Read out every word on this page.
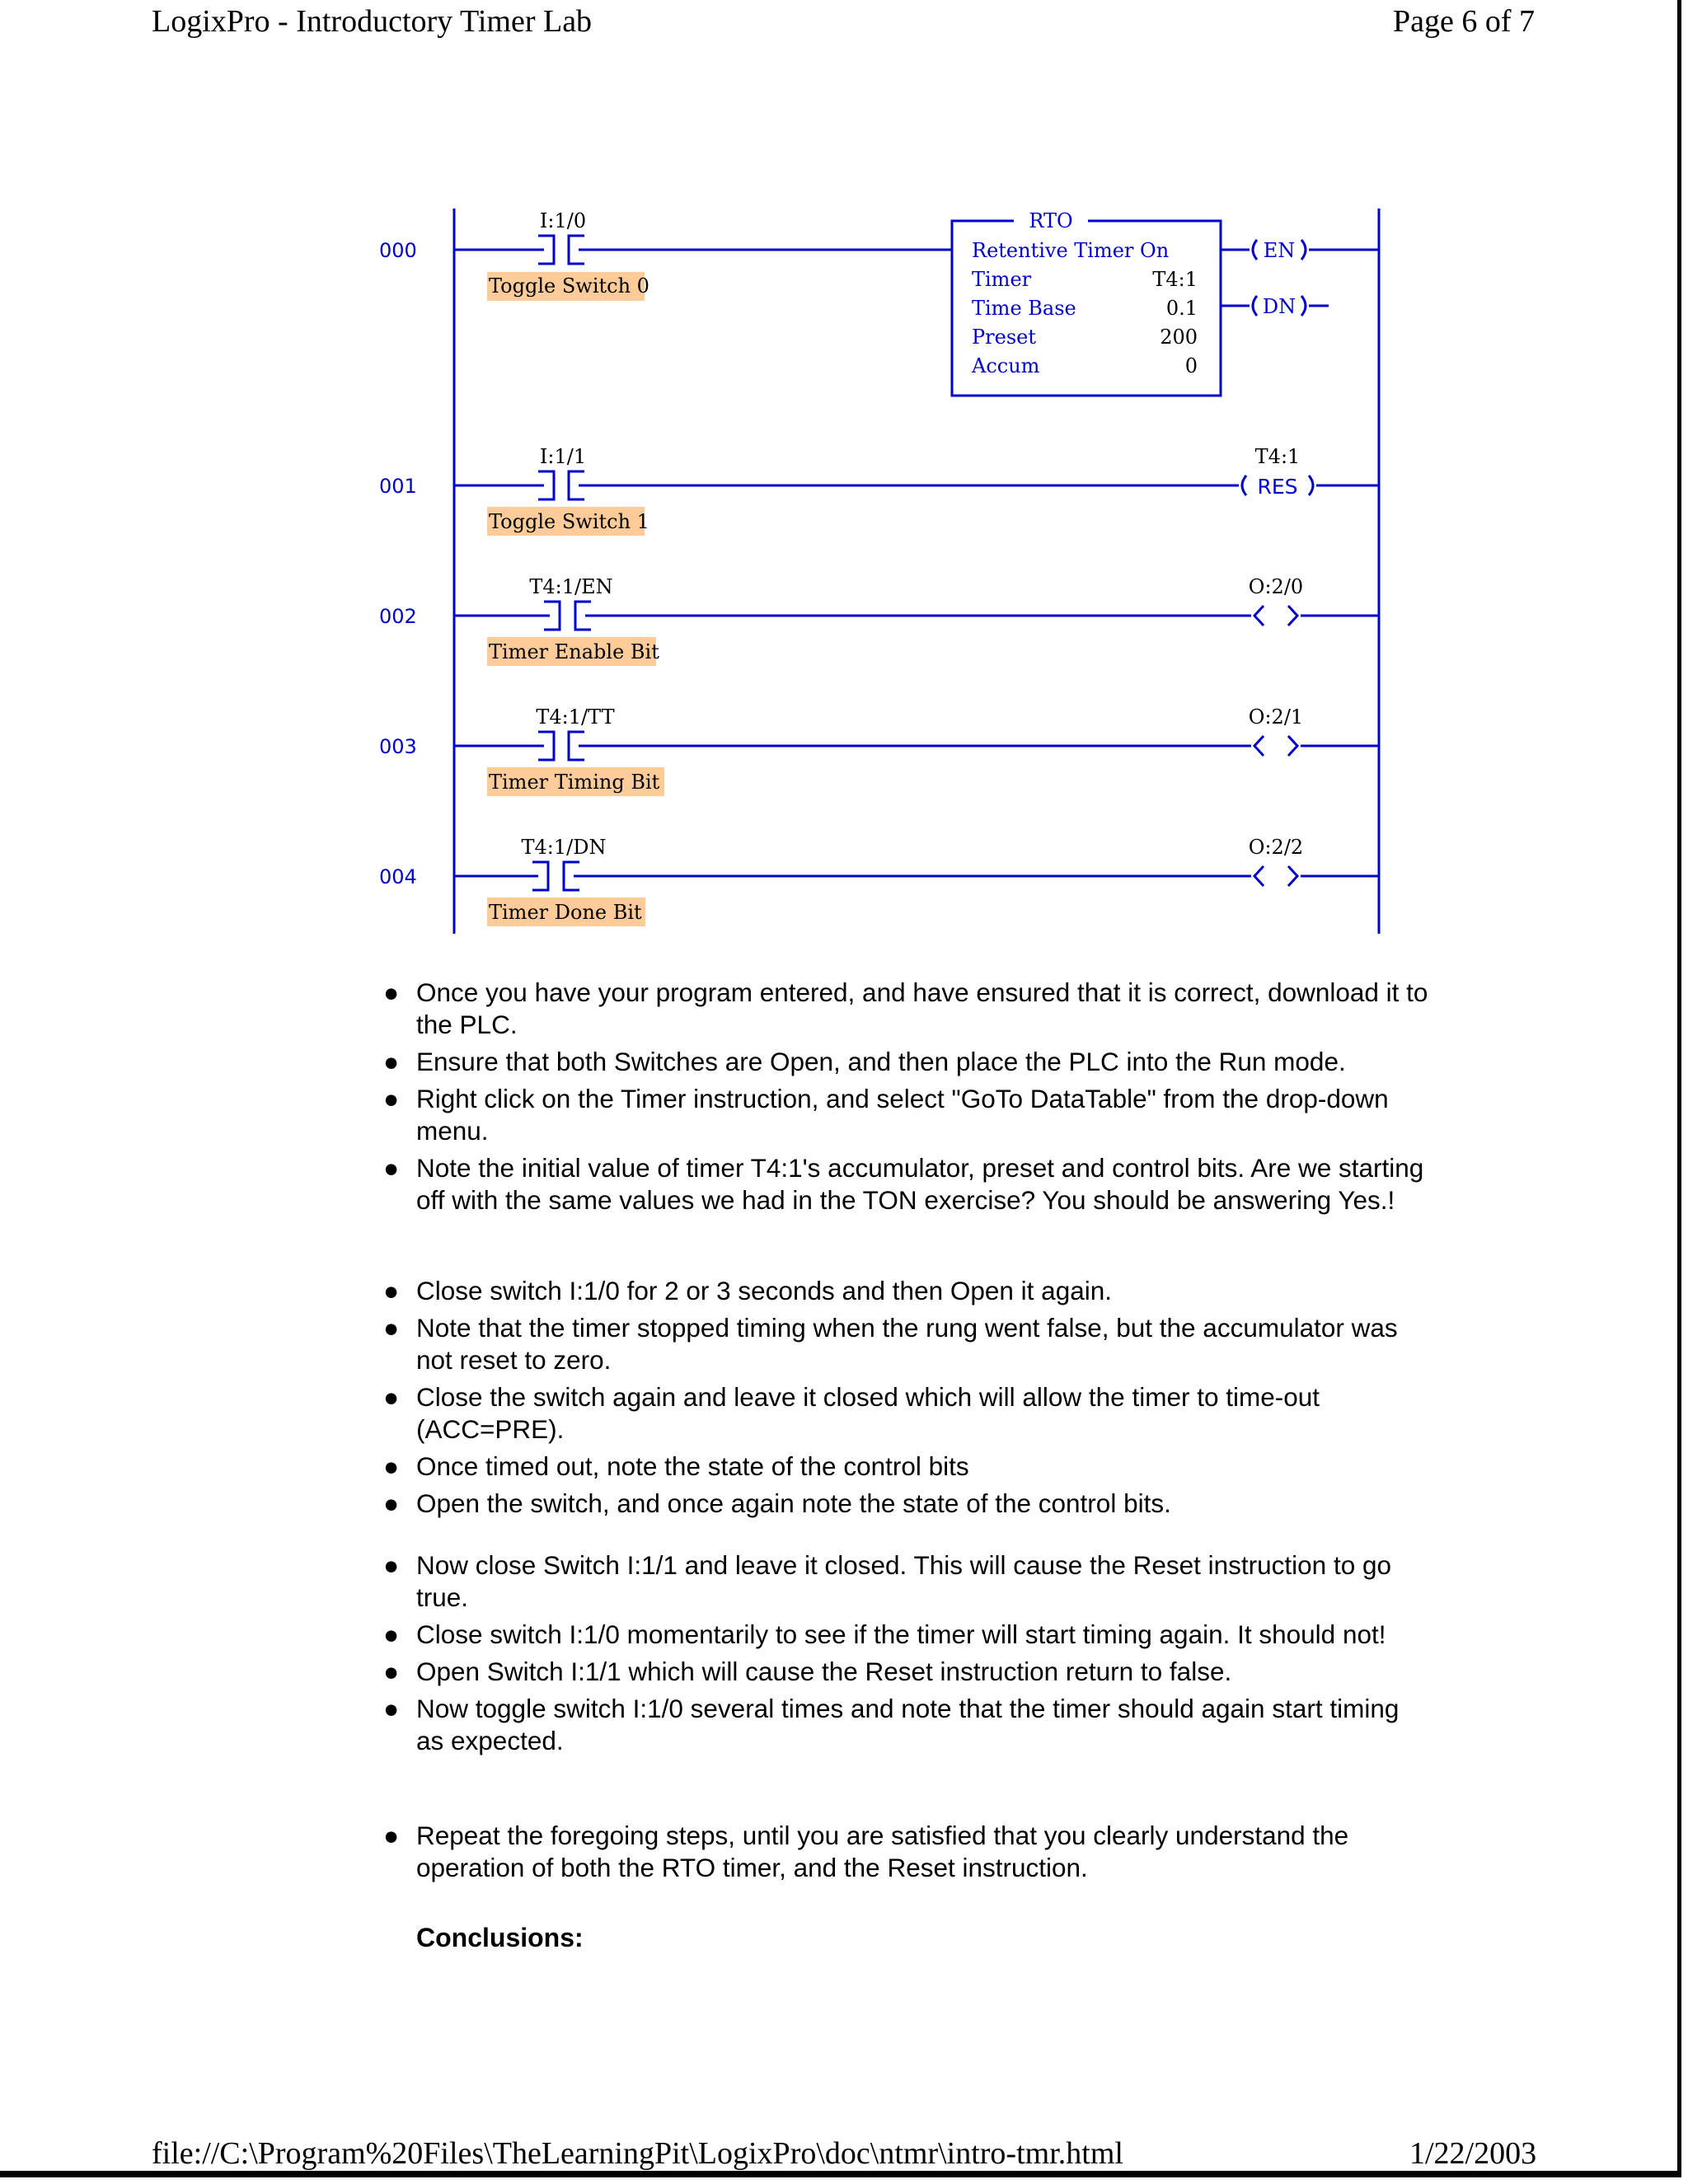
LogixPro - Introductory Timer Lab	Page 6 of 7
000
I:1/0
Toggle Switch 0
RTO
Retentive Timer On
Timer	T4:1
Time Base	0.1
Preset	200
Accum	0
EN
DN
001
I:1/1
Toggle Switch 1
T4:1
RES
002
T4:1/EN
Timer Enable Bit
O:2/0
003
T4:1/TT
Timer Timing Bit
O:2/1
004
T4:1/DN
Timer Done Bit
O:2/2
● Once you have your program entered, and have ensured that it is correct, download it to the PLC.
● Ensure that both Switches are Open, and then place the PLC into the Run mode.
● Right click on the Timer instruction, and select "GoTo DataTable" from the drop-down menu.
● Note the initial value of timer T4:1's accumulator, preset and control bits. Are we starting off with the same values we had in the TON exercise? You should be answering Yes.!
● Close switch I:1/0 for 2 or 3 seconds and then Open it again.
● Note that the timer stopped timing when the rung went false, but the accumulator was not reset to zero.
● Close the switch again and leave it closed which will allow the timer to time-out (ACC=PRE).
● Once timed out, note the state of the control bits
● Open the switch, and once again note the state of the control bits.
● Now close Switch I:1/1 and leave it closed. This will cause the Reset instruction to go true.
● Close switch I:1/0 momentarily to see if the timer will start timing again. It should not!
● Open Switch I:1/1 which will cause the Reset instruction return to false.
● Now toggle switch I:1/0 several times and note that the timer should again start timing as expected.
● Repeat the foregoing steps, until you are satisfied that you clearly understand the operation of both the RTO timer, and the Reset instruction.
Conclusions:
file://C:\Program%20Files\TheLearningPit\LogixPro\doc\ntmr\intro-tmr.html	1/22/2003
